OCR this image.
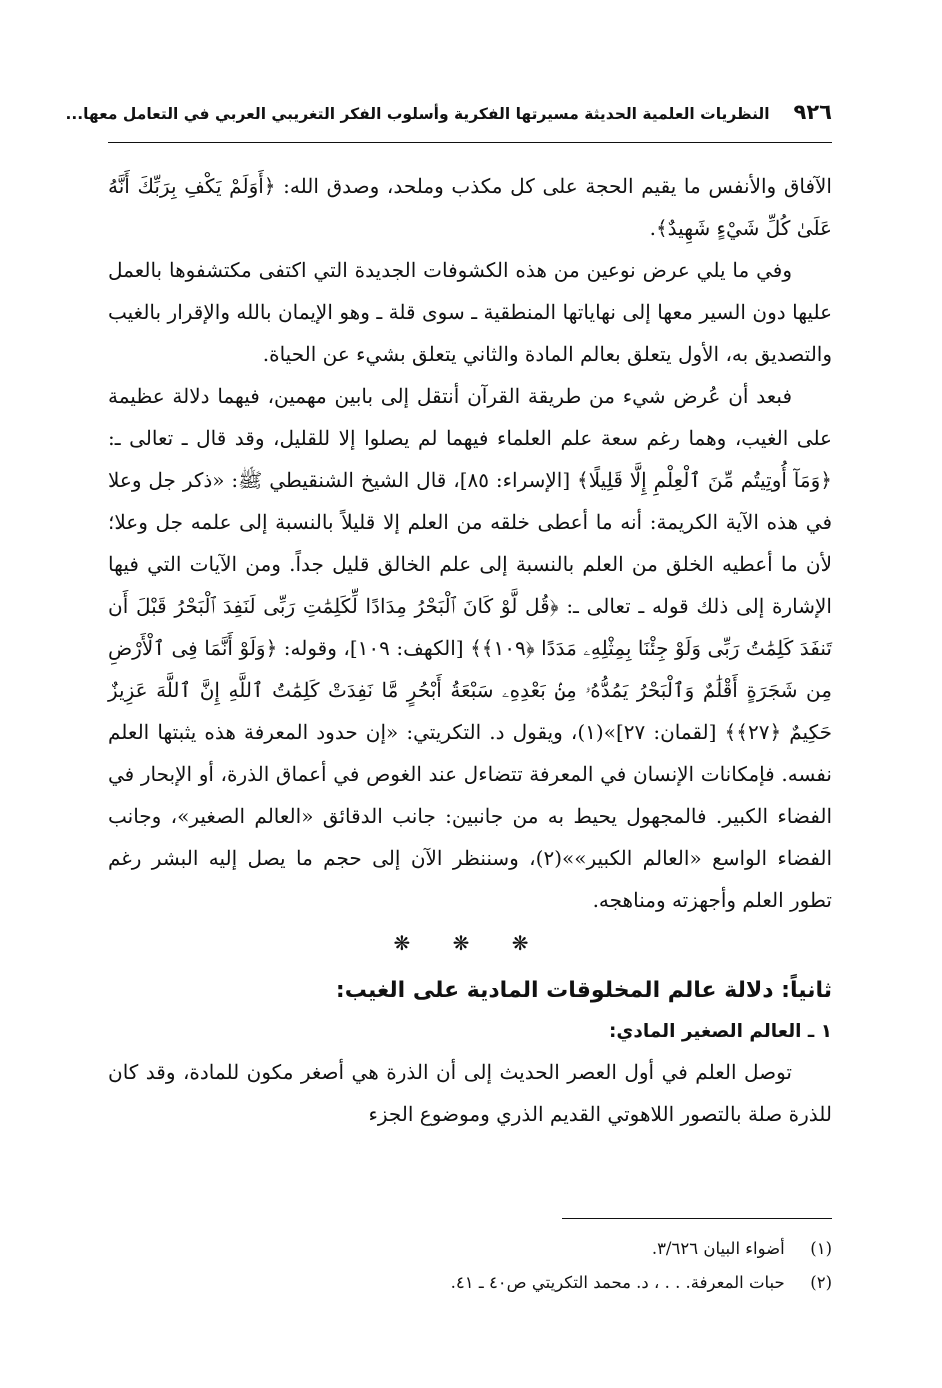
٩٢٦
النظريات العلمية الحديثة مسيرتها الفكرية وأسلوب الفكر التغريبي العربي في التعامل معها...

الآفاق والأنفس ما يقيم الحجة على كل مكذب وملحد، وصدق الله: ﴿أَوَلَمْ يَكْفِ بِرَبِّكَ أَنَّهُ عَلَىٰ كُلِّ شَيْءٍ شَهِيدٌ﴾.

وفي ما يلي عرض نوعين من هذه الكشوفات الجديدة التي اكتفى مكتشفوها بالعمل عليها دون السير معها إلى نهاياتها المنطقية ـ سوى قلة ـ وهو الإيمان بالله والإقرار بالغيب والتصديق به، الأول يتعلق بعالم المادة والثاني يتعلق بشيء عن الحياة.

فبعد أن عُرض شيء من طريقة القرآن أنتقل إلى بابين مهمين، فيهما دلالة عظيمة على الغيب، وهما رغم سعة علم العلماء فيهما لم يصلوا إلا للقليل، وقد قال ـ تعالى ـ: ﴿وَمَآ أُوتِيتُم مِّنَ ٱلْعِلْمِ إِلَّا قَلِيلًا﴾ [الإسراء: ٨٥]، قال الشيخ الشنقيطي ﷺ: «ذكر جل وعلا في هذه الآية الكريمة: أنه ما أعطى خلقه من العلم إلا قليلاً بالنسبة إلى علمه جل وعلا؛ لأن ما أعطيه الخلق من العلم بالنسبة إلى علم الخالق قليل جداً. ومن الآيات التي فيها الإشارة إلى ذلك قوله ـ تعالى ـ: ﴿قُل لَّوْ كَانَ ٱلْبَحْرُ مِدَادًا لِّكَلِمَٰتِ رَبِّى لَنَفِدَ ٱلْبَحْرُ قَبْلَ أَن تَنفَدَ كَلِمَٰتُ رَبِّى وَلَوْ جِئْنَا بِمِثْلِهِۦ مَدَدًا ﴿١٠٩﴾﴾ [الكهف: ١٠٩]، وقوله: ﴿وَلَوْ أَنَّمَا فِى ٱلْأَرْضِ مِن شَجَرَةٍ أَقْلَٰمٌ وَٱلْبَحْرُ يَمُدُّهُۥ مِنۢ بَعْدِهِۦ سَبْعَةُ أَبْحُرٍ مَّا نَفِدَتْ كَلِمَٰتُ ٱللَّهِ إِنَّ ٱللَّهَ عَزِيزٌ حَكِيمٌ ﴿٢٧﴾﴾ [لقمان: ٢٧]»(١)، ويقول د. التكريتي: «إن حدود المعرفة هذه يثبتها العلم نفسه. فإمكانات الإنسان في المعرفة تتضاءل عند الغوص في أعماق الذرة، أو الإبحار في الفضاء الكبير. فالمجهول يحيط به من جانبين: جانب الدقائق «العالم الصغير»، وجانب الفضاء الواسع «العالم الكبير»»(٢)، وسننظر الآن إلى حجم ما يصل إليه البشر رغم تطور العلم وأجهزته ومناهجه.

❋ ❋ ❋
ثانياً: دلالة عالم المخلوقات المادية على الغيب:
١ ـ العالم الصغير المادي:

توصل العلم في أول العصر الحديث إلى أن الذرة هي أصغر مكون للمادة، وقد كان للذرة صلة بالتصور اللاهوتي القديم الذري وموضوع الجزء

(١) أضواء البيان ٣/٦٢٦.

(٢) حبات المعرفة. . . ، د. محمد التكريتي ص٤٠ ـ ٤١.
